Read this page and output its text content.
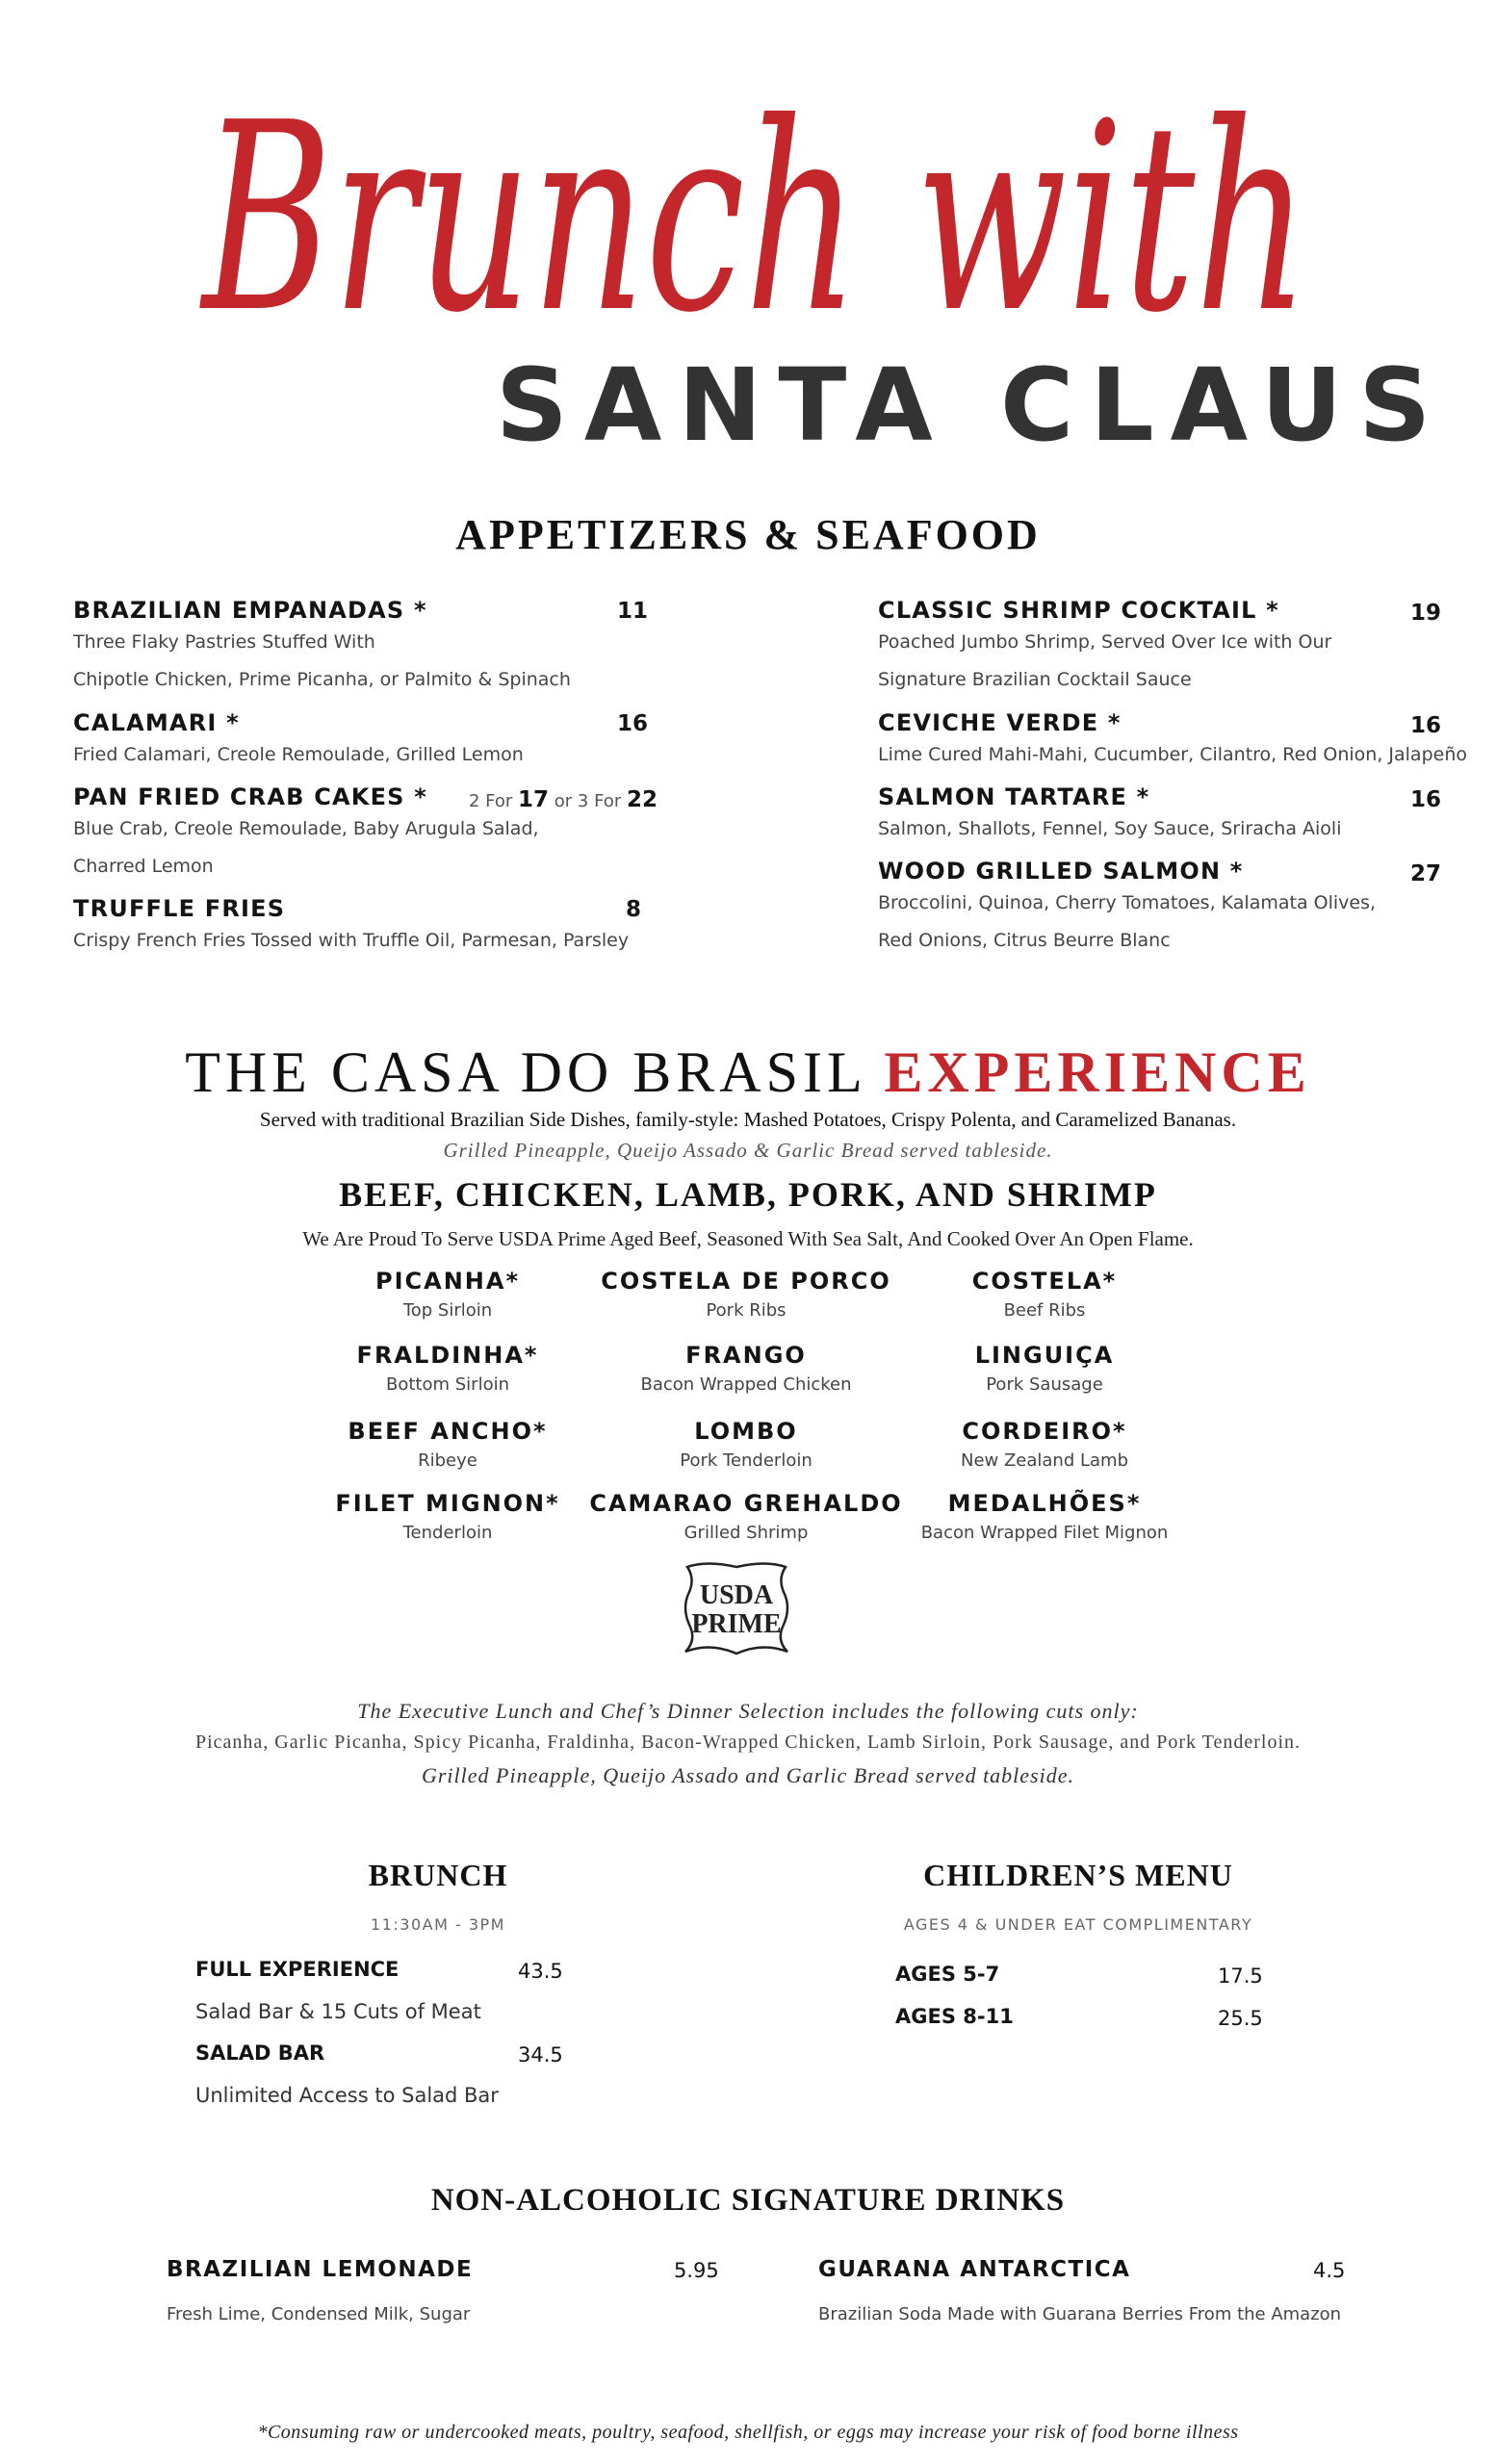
Brunch with
SANTA CLAUS
APPETIZERS & SEAFOOD
BRAZILIAN EMPANADAS *
Three Flaky Pastries Stuffed With
Chipotle Chicken, Prime Picanha, or Palmito & Spinach
11
CALAMARI *
Fried Calamari, Creole Remoulade, Grilled Lemon
16
PAN FRIED CRAB CAKES *
Blue Crab, Creole Remoulade, Baby Arugula Salad,
Charred Lemon
2 For 17 or 3 For 22
TRUFFLE FRIES
Crispy French Fries Tossed with Truffle Oil, Parmesan, Parsley
8
CLASSIC SHRIMP COCKTAIL *
Poached Jumbo Shrimp, Served Over Ice with Our
Signature Brazilian Cocktail Sauce
19
CEVICHE VERDE *
Lime Cured Mahi-Mahi, Cucumber, Cilantro, Red Onion, Jalapeño
16
SALMON TARTARE *
Salmon, Shallots, Fennel, Soy Sauce, Sriracha Aioli
16
WOOD GRILLED SALMON *
Broccolini, Quinoa, Cherry Tomatoes, Kalamata Olives,
Red Onions, Citrus Beurre Blanc
27
THE CASA DO BRASIL EXPERIENCE
Served with traditional Brazilian Side Dishes, family-style: Mashed Potatoes, Crispy Polenta, and Caramelized Bananas.
Grilled Pineapple, Queijo Assado & Garlic Bread served tableside.
BEEF, CHICKEN, LAMB, PORK, AND SHRIMP
We Are Proud To Serve USDA Prime Aged Beef, Seasoned With Sea Salt, And Cooked Over An Open Flame.
PICANHA*
Top Sirloin
COSTELA DE PORCO
Pork Ribs
COSTELA*
Beef Ribs
FRALDINHA*
Bottom Sirloin
FRANGO
Bacon Wrapped Chicken
LINGUIÇA
Pork Sausage
BEEF ANCHO*
Ribeye
LOMBO
Pork Tenderloin
CORDEIRO*
New Zealand Lamb
FILET MIGNON*
Tenderloin
CAMARAO GREHALDO
Grilled Shrimp
MEDALHÕES*
Bacon Wrapped Filet Mignon
USDA
PRIME
The Executive Lunch and Chef’s Dinner Selection includes the following cuts only:
Picanha, Garlic Picanha, Spicy Picanha, Fraldinha, Bacon-Wrapped Chicken, Lamb Sirloin, Pork Sausage, and Pork Tenderloin.
Grilled Pineapple, Queijo Assado and Garlic Bread served tableside.
BRUNCH
11:30AM - 3PM
FULL EXPERIENCE	43.5
Salad Bar & 15 Cuts of Meat
SALAD BAR	34.5
Unlimited Access to Salad Bar
CHILDREN’S MENU
AGES 4 & UNDER EAT COMPLIMENTARY
AGES 5-7	17.5
AGES 8-11	25.5
NON-ALCOHOLIC SIGNATURE DRINKS
BRAZILIAN LEMONADE	5.95
Fresh Lime, Condensed Milk, Sugar
GUARANA ANTARCTICA	4.5
Brazilian Soda Made with Guarana Berries From the Amazon
*Consuming raw or undercooked meats, poultry, seafood, shellfish, or eggs may increase your risk of food borne illness
